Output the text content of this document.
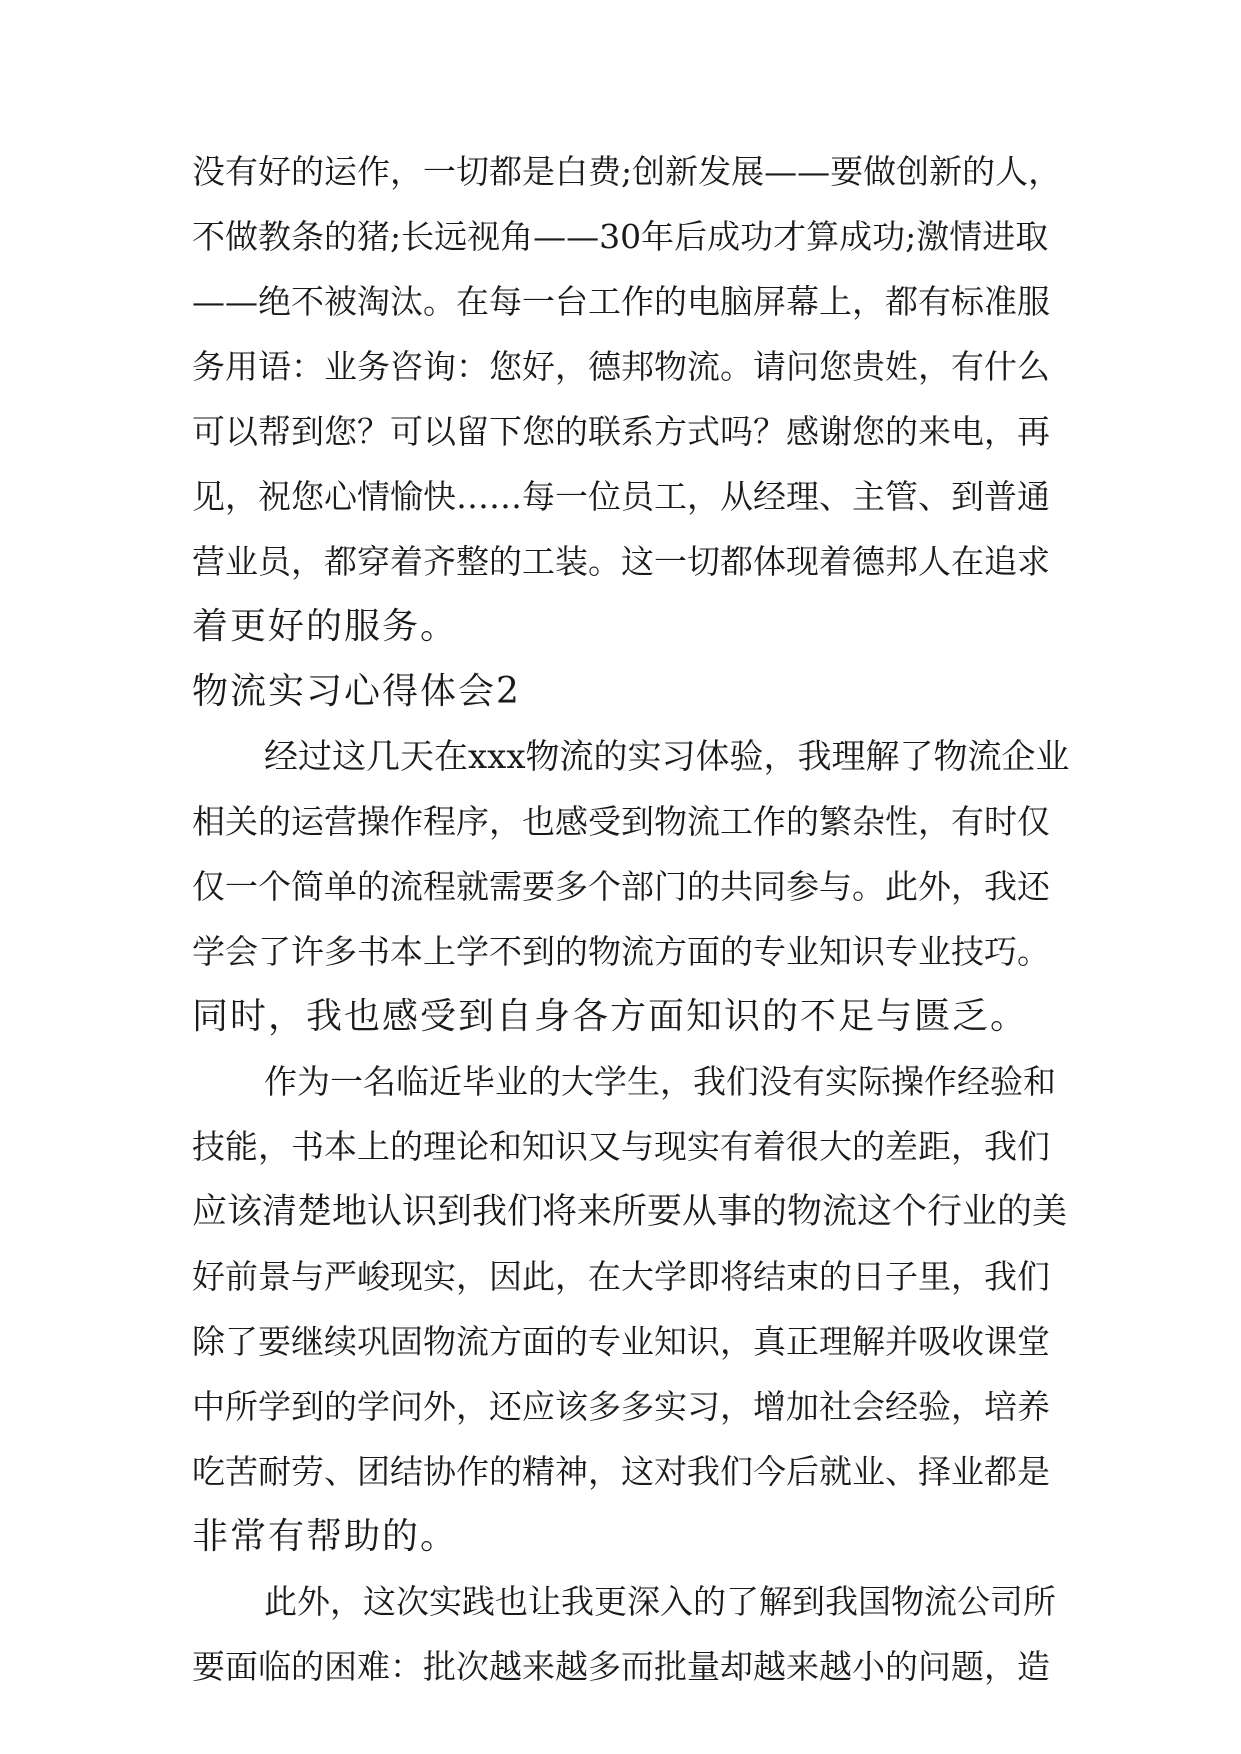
没有好的运作，一切都是白费;创新发展——要做创新的人，
不做教条的猪;长远视角——30年后成功才算成功;激情进取
——绝不被淘汰。在每一台工作的电脑屏幕上，都有标准服
务用语：业务咨询：您好，德邦物流。请问您贵姓，有什么
可以帮到您？可以留下您的联系方式吗？感谢您的来电，再
见，祝您心情愉快……每一位员工，从经理、主管、到普通
营业员，都穿着齐整的工装。这一切都体现着德邦人在追求
着更好的服务。
物流实习心得体会2
经过这几天在xxx物流的实习体验，我理解了物流企业
相关的运营操作程序，也感受到物流工作的繁杂性，有时仅
仅一个简单的流程就需要多个部门的共同参与。此外，我还
学会了许多书本上学不到的物流方面的专业知识专业技巧。
同时，我也感受到自身各方面知识的不足与匮乏。
作为一名临近毕业的大学生，我们没有实际操作经验和
技能，书本上的理论和知识又与现实有着很大的差距，我们
应该清楚地认识到我们将来所要从事的物流这个行业的美
好前景与严峻现实，因此，在大学即将结束的日子里，我们
除了要继续巩固物流方面的专业知识，真正理解并吸收课堂
中所学到的学问外，还应该多多实习，增加社会经验，培养
吃苦耐劳、团结协作的精神，这对我们今后就业、择业都是
非常有帮助的。
此外，这次实践也让我更深入的了解到我国物流公司所
要面临的困难：批次越来越多而批量却越来越小的问题，造
